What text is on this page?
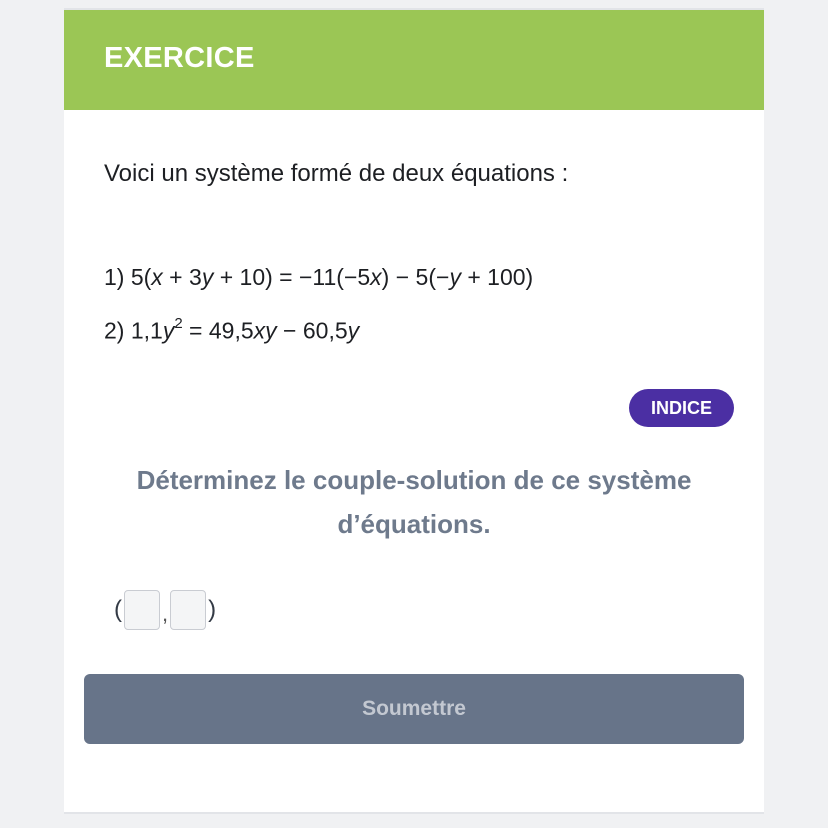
EXERCICE
Voici un système formé de deux équations :
1) 5(x + 3y + 10) = −11(−5x) − 5(−y + 100)
2) $1,1y^2 = 49,5xy - 60,5y$
INDICE
Déterminez le couple-solution de ce système d’équations.
( , )
Soumettre
